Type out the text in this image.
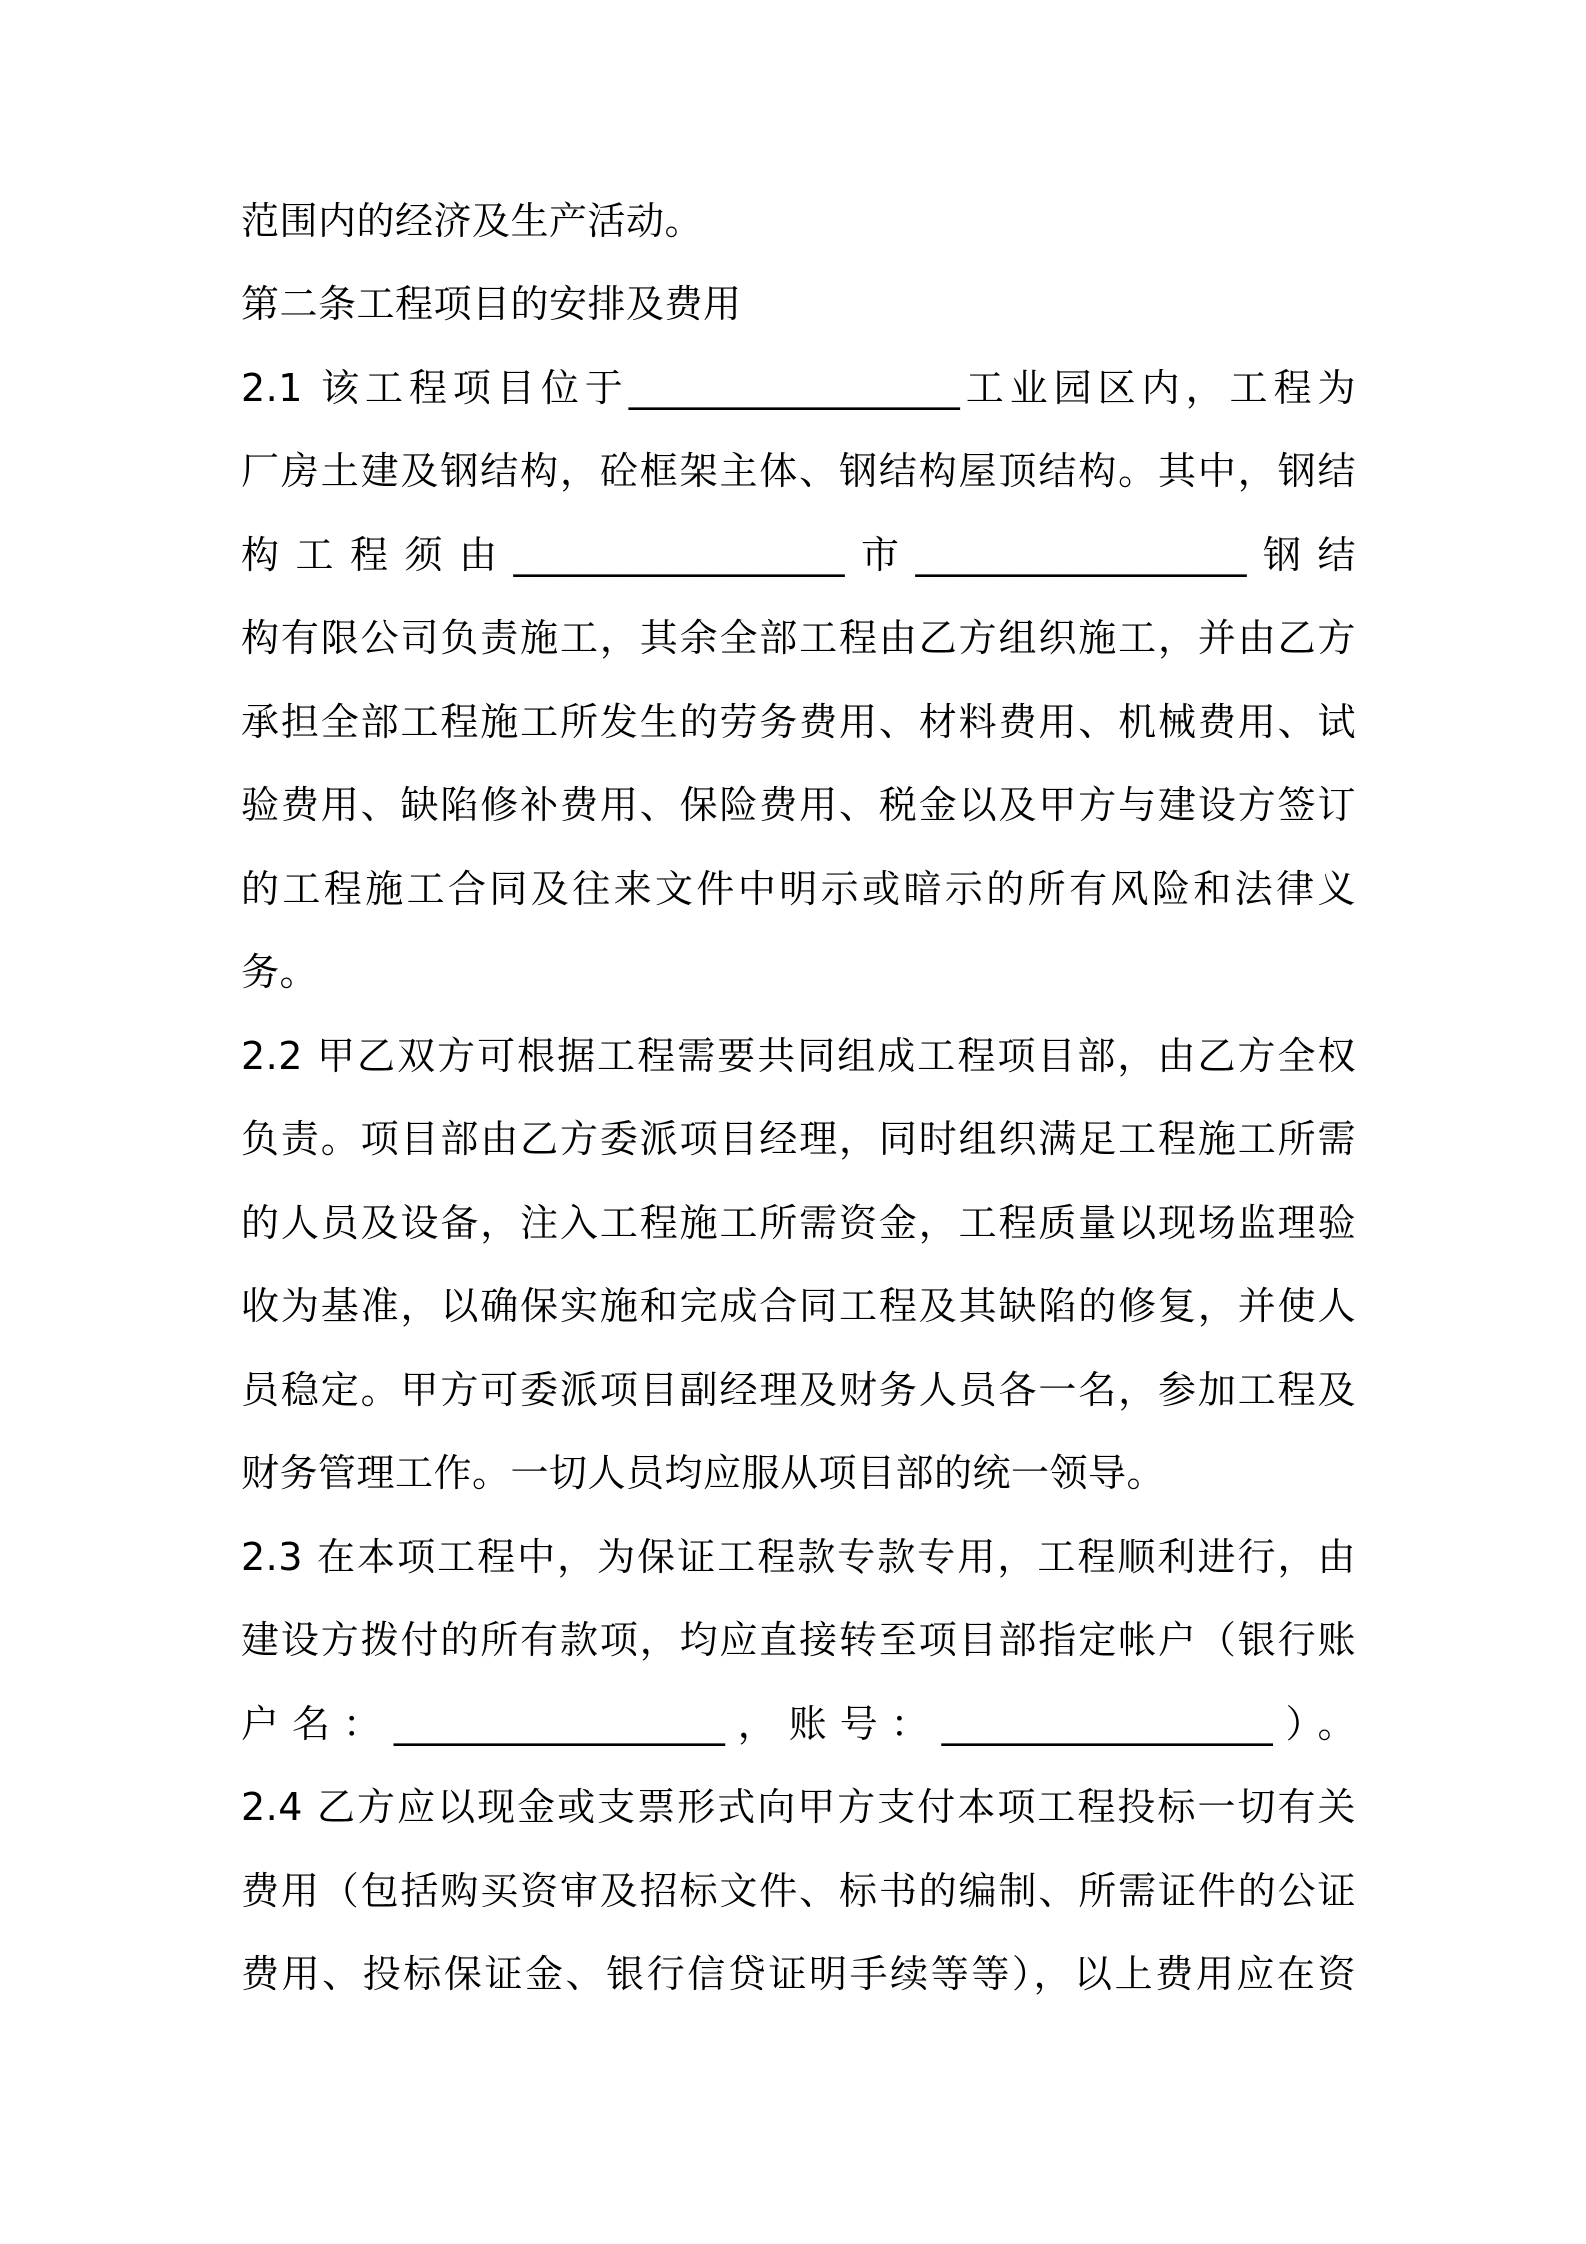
范围内的经济及生产活动。
第二条工程项目的安排及费用
2.1 该工程项目位于_________________工业园区内，工程为
厂房土建及钢结构，砼框架主体、钢结构屋顶结构。其中，钢结
构工程须由_________________市_________________钢结
构有限公司负责施工，其余全部工程由乙方组织施工，并由乙方
承担全部工程施工所发生的劳务费用、材料费用、机械费用、试
验费用、缺陷修补费用、保险费用、税金以及甲方与建设方签订
的工程施工合同及往来文件中明示或暗示的所有风险和法律义
务。
2.2 甲乙双方可根据工程需要共同组成工程项目部，由乙方全权
负责。项目部由乙方委派项目经理，同时组织满足工程施工所需
的人员及设备，注入工程施工所需资金，工程质量以现场监理验
收为基准，以确保实施和完成合同工程及其缺陷的修复，并使人
员稳定。甲方可委派项目副经理及财务人员各一名，参加工程及
财务管理工作。一切人员均应服从项目部的统一领导。
2.3 在本项工程中，为保证工程款专款专用，工程顺利进行，由
建设方拨付的所有款项，均应直接转至项目部指定帐户（银行账
户名：_________________，账号：_________________）。
2.4 乙方应以现金或支票形式向甲方支付本项工程投标一切有关
费用（包括购买资审及招标文件、标书的编制、所需证件的公证
费用、投标保证金、银行信贷证明手续等等），以上费用应在资
